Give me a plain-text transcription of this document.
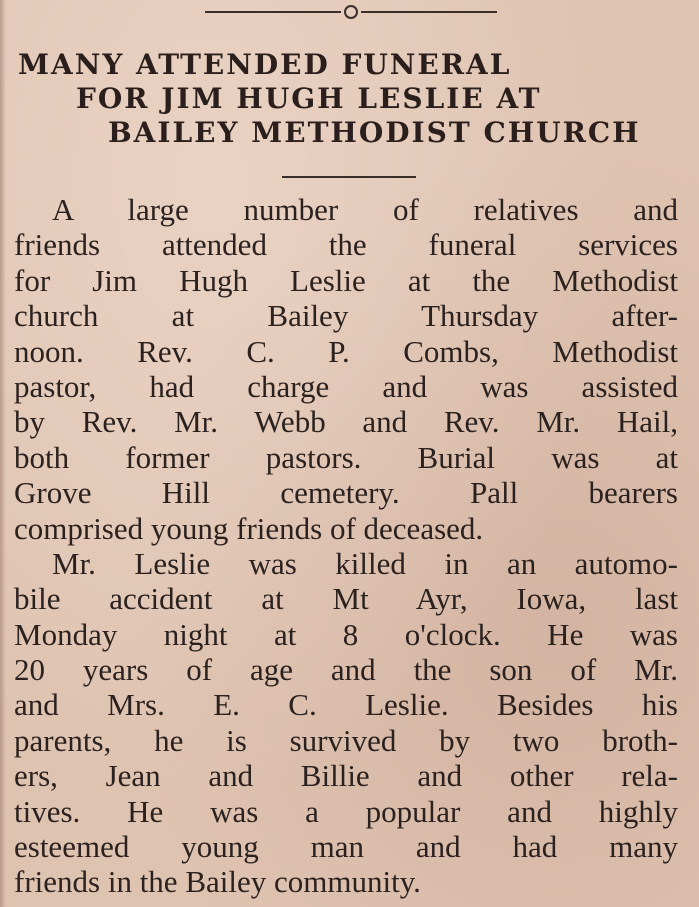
MANY ATTENDED FUNERAL
FOR JIM HUGH LESLIE AT
BAILEY METHODIST CHURCH
A large number of relatives and
friends attended the funeral services
for Jim Hugh Leslie at the Methodist
church at Bailey Thursday after-
noon. Rev. C. P. Combs, Methodist
pastor, had charge and was assisted
by Rev. Mr. Webb and Rev. Mr. Hail,
both former pastors. Burial was at
Grove Hill cemetery. Pall bearers
comprised young friends of deceased.
Mr. Leslie was killed in an automo-
bile accident at Mt Ayr, Iowa, last
Monday night at 8 o'clock. He was
20 years of age and the son of Mr.
and Mrs. E. C. Leslie. Besides his
parents, he is survived by two broth-
ers, Jean and Billie and other rela-
tives. He was a popular and highly
esteemed young man and had many
friends in the Bailey community.
